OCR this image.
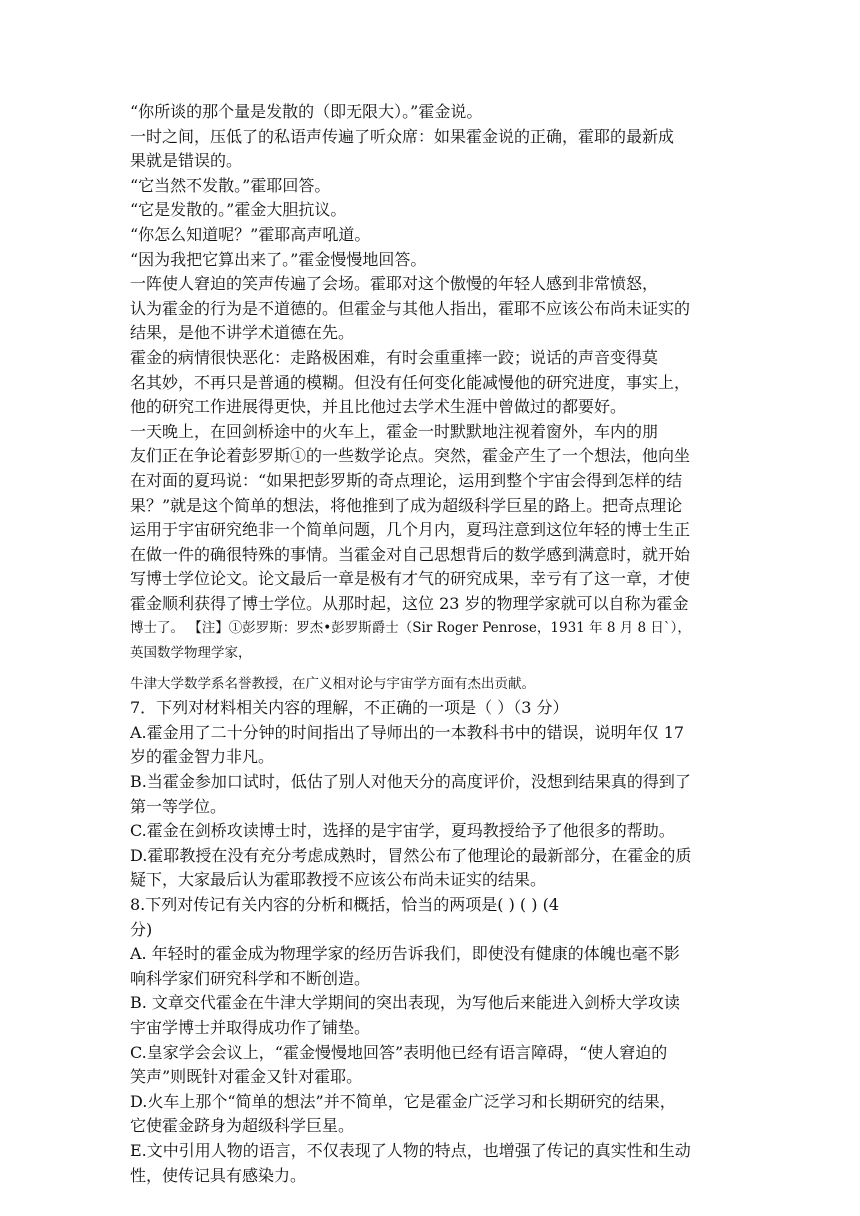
“你所谈的那个量是发散的（即无限大）。”霍金说。
一时之间，压低了的私语声传遍了听众席：如果霍金说的正确，霍耶的最新成
果就是错误的。
“它当然不发散。”霍耶回答。
“它是发散的。”霍金大胆抗议。
“你怎么知道呢？”霍耶高声吼道。
“因为我把它算出来了。”霍金慢慢地回答。
一阵使人窘迫的笑声传遍了会场。霍耶对这个傲慢的年轻人感到非常愤怒，
认为霍金的行为是不道德的。但霍金与其他人指出，霍耶不应该公布尚未证实的
结果，是他不讲学术道德在先。
霍金的病情很快恶化：走路极困难，有时会重重摔一跤；说话的声音变得莫
名其妙，不再只是普通的模糊。但没有任何变化能减慢他的研究进度，事实上，
他的研究工作进展得更快，并且比他过去学术生涯中曾做过的都要好。
一天晚上，在回剑桥途中的火车上，霍金一时默默地注视着窗外，车内的朋
友们正在争论着彭罗斯①的一些数学论点。突然，霍金产生了一个想法，他向坐
在对面的夏玛说：“如果把彭罗斯的奇点理论，运用到整个宇宙会得到怎样的结
果？”就是这个简单的想法，将他推到了成为超级科学巨星的路上。把奇点理论
运用于宇宙研究绝非一个简单问题，几个月内，夏玛注意到这位年轻的博士生正
在做一件的确很特殊的事情。当霍金对自己思想背后的数学感到满意时，就开始
写博士学位论文。论文最后一章是极有才气的研究成果，幸亏有了这一章，才使
霍金顺利获得了博士学位。从那时起，这位 23 岁的物理学家就可以自称为霍金
博士了。 【注】①彭罗斯：罗杰•彭罗斯爵士（Sir Roger Penrose，1931 年 8 月 8 日`），
英国数学物理学家，
牛津大学数学系名誉教授，在广义相对论与宇宙学方面有杰出贡献。
7．下列对材料相关内容的理解，不正确的一项是（ ）（3 分）
A.霍金用了二十分钟的时间指出了导师出的一本教科书中的错误，说明年仅 17
岁的霍金智力非凡。
B.当霍金参加口试时，低估了别人对他天分的高度评价，没想到结果真的得到了
第一等学位。
C.霍金在剑桥攻读博士时，选择的是宇宙学，夏玛教授给予了他很多的帮助。
D.霍耶教授在没有充分考虑成熟时，冒然公布了他理论的最新部分，在霍金的质
疑下，大家最后认为霍耶教授不应该公布尚未证实的结果。
8.下列对传记有关内容的分析和概括，恰当的两项是( ) ( ) (4
分)
A. 年轻时的霍金成为物理学家的经历告诉我们，即使没有健康的体魄也毫不影
响科学家们研究科学和不断创造。
B. 文章交代霍金在牛津大学期间的突出表现，为写他后来能进入剑桥大学攻读
宇宙学博士并取得成功作了铺垫。
C.皇家学会会议上，“霍金慢慢地回答”表明他已经有语言障碍，“使人窘迫的
笑声”则既针对霍金又针对霍耶。
D.火车上那个“简单的想法”并不简单，它是霍金广泛学习和长期研究的结果，
它使霍金跻身为超级科学巨星。
E.文中引用人物的语言，不仅表现了人物的特点，也增强了传记的真实性和生动
性，使传记具有感染力。
